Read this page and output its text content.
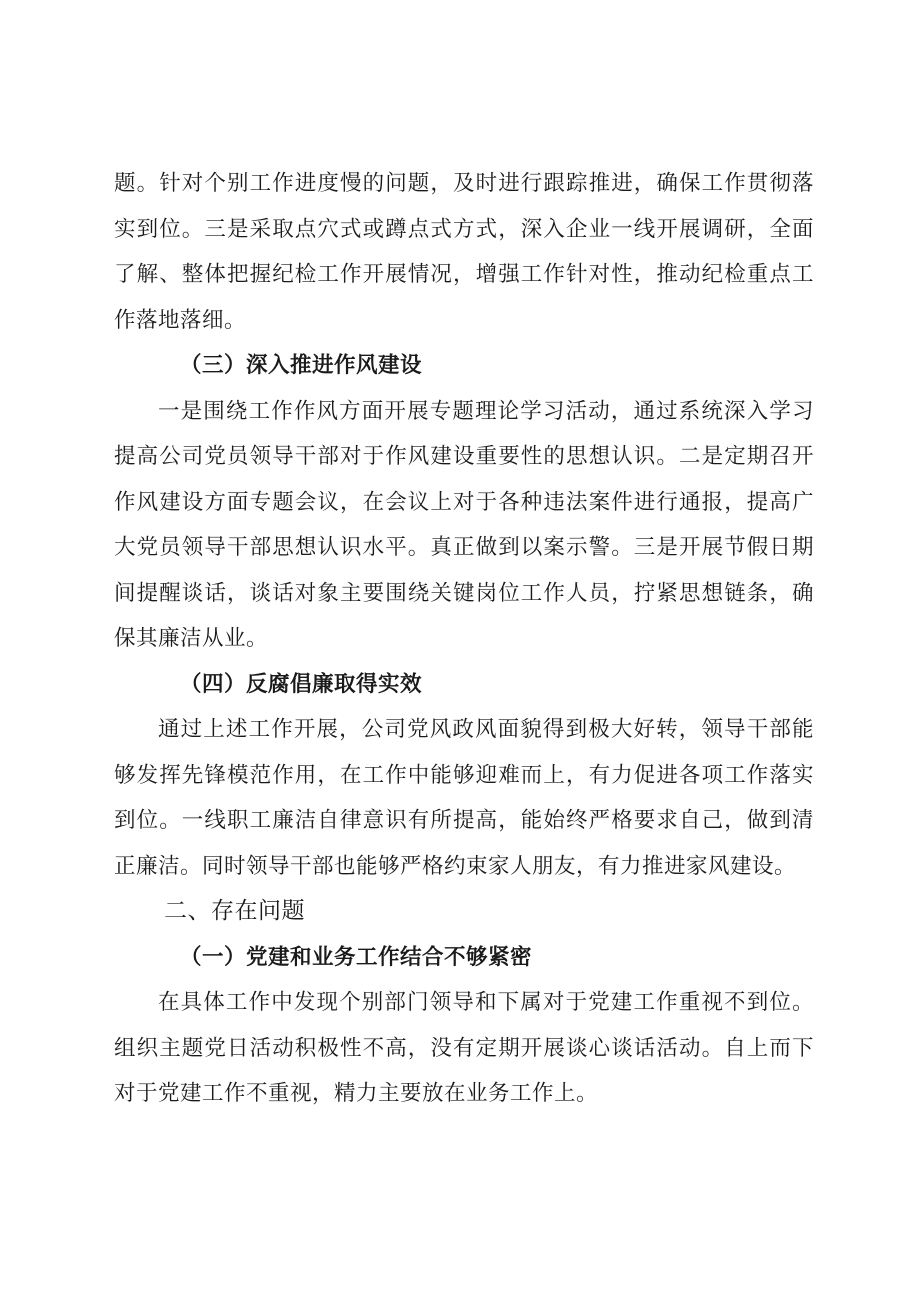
题。针对个别工作进度慢的问题，及时进行跟踪推进，确保工作贯彻落实到位。三是采取点穴式或蹲点式方式，深入企业一线开展调研，全面了解、整体把握纪检工作开展情况，增强工作针对性，推动纪检重点工作落地落细。

（三）深入推进作风建设

一是围绕工作作风方面开展专题理论学习活动，通过系统深入学习提高公司党员领导干部对于作风建设重要性的思想认识。二是定期召开作风建设方面专题会议，在会议上对于各种违法案件进行通报，提高广大党员领导干部思想认识水平。真正做到以案示警。三是开展节假日期间提醒谈话，谈话对象主要围绕关键岗位工作人员，拧紧思想链条，确保其廉洁从业。

（四）反腐倡廉取得实效

通过上述工作开展，公司党风政风面貌得到极大好转，领导干部能够发挥先锋模范作用，在工作中能够迎难而上，有力促进各项工作落实到位。一线职工廉洁自律意识有所提高，能始终严格要求自己，做到清正廉洁。同时领导干部也能够严格约束家人朋友，有力推进家风建设。

二、存在问题

（一）党建和业务工作结合不够紧密

在具体工作中发现个别部门领导和下属对于党建工作重视不到位。组织主题党日活动积极性不高，没有定期开展谈心谈话活动。自上而下对于党建工作不重视，精力主要放在业务工作上。
